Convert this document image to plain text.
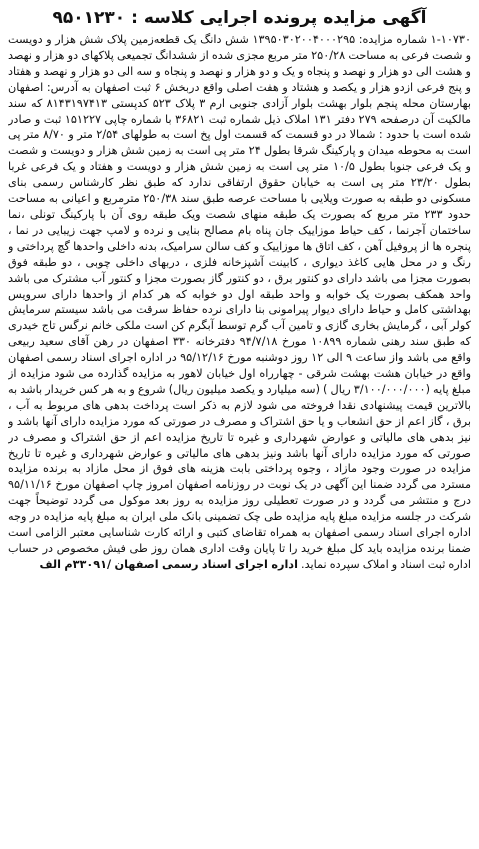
آگهی مزایده پرونده اجرایی کلاسه : ۹۵۰۱۲۳۰
۱-۱۰۷۳۰ شماره مزایده: ۱۳۹۵۰۳۰۲۰۰۴۰۰۰۲۹۵ شش دانگ یک قطعه‌زمین پلاک شش هزار و دویست و شصت فرعی به مساحت ۲۵۰/۲۸ متر مربع مجزی شده از ششدانگ تجمیعی پلاکهای دو هزار و نهصد و هشت الی دو هزار و نهصد و پنجاه و یک و دو هزار و نهصد و پنجاه و سه الی دو هزار و نهصد و هفتاد و پنج فرعی ازدو هزار و یکصد و هشتاد و هفت اصلی واقع دربخش ۶ ثبت اصفهان به آدرس: اصفهان بهارستان محله پنجم بلوار بهشت بلوار آزادی جنوبی ارم ۳ پلاک ۵۲۳ کدپستی ۸۱۴۳۱۹۷۴۱۳ که سند مالکیت آن درصفحه ۲۷۹ دفتر ۱۳۱ املاک ذیل شماره ثبت ۳۶۸۲۱ با شماره چاپی ۱۵۱۲۲۷ ثبت و صادر شده است با حدود : شمالا در دو قسمت که قسمت اول پخ است به طولهای ۲/۵۴ متر و ۸/۷۰ متر پی است به محوطه میدان و پارکینگ شرقا بطول ۲۴ متر پی است به زمین شش هزار و دویست و شصت و یک فرعی جنوبا بطول ۱۰/۵ متر پی است به زمین شش هزار و دویست و هفتاد و یک فرعی غربا بطول ۲۳/۲۰ متر پی است به خیابان حقوق ارتفاقی ندارد که طبق نظر کارشناس رسمی بنای مسکونی دو طبقه به صورت ویلایی با مساحت عرصه طبق سند ۲۵۰/۳۸ مترمربع و اعیانی به مساحت حدود ۲۳۳ متر مربع که بصورت یک طبقه منهای شصت ویک طبقه روی آن با پارکینگ تونلی ،نما ساختمان آجرنما ، کف حیاط موزاییک جان پناه بام مصالح بنایی و نرده و لامپ جهت زیبایی در نما ، پنجره ها از پروفیل آهن ، کف اتاق ها موزاییک و کف سالن سرامیک، بدنه داخلی واحدها گچ پرداختی و رنگ و در محل هایی کاغذ دیواری ، کابینت آشپزخانه فلزی ، دربهای داخلی چوبی ، دو طبقه فوق بصورت مجزا می باشد دارای دو کنتور برق ، دو کنتور گاز بصورت مجزا و کنتور آب مشترک می باشد واحد همکف بصورت یک خوابه و واحد طبقه اول دو خوابه که هر کدام از واحدها دارای سرویس بهداشتی کامل و حیاط دارای دیوار پیرامونی بنا دارای نرده حفاظ سرقت می باشد سیستم سرمایش کولر آبی ، گرمایش بخاری گازی و تامین آب گرم توسط آبگرم کن است ملکی خانم نرگس تاج خیدری که طبق سند رهنی شماره ۱۰۸۹۹ مورخ ۹۴/۷/۱۸ دفترخانه ۳۳۰ اصفهان در رهن آقای سعید ربیعی واقع می باشد واز ساعت ۹ الی ۱۲ روز دوشنبه مورخ ۹۵/۱۲/۱۶ در اداره اجرای اسناد رسمی اصفهان واقع در خیابان هشت بهشت شرقی - چهارراه اول خیابان لاهور به مزایده گذارده می شود مزایده از مبلغ پایه (۳/۱۰۰/۰۰۰/۰۰۰ ریال ) (سه میلیارد و یکصد میلیون ریال) شروع و به هر کس خریدار باشد به بالاترین قیمت پیشنهادی نقدا فروخته می شود لازم به ذکر است پرداخت بدهی های مربوط به آب ، برق ، گاز اعم از حق انشعاب و یا حق اشتراک و مصرف در صورتی که مورد مزایده دارای آنها باشد و نیز بدهی های مالیاتی و عوارض شهرداری و غیره تا تاریخ مزایده اعم از حق اشتراک و مصرف در صورتی که مورد مزایده دارای آنها باشد ونیز بدهی های مالیاتی و عوارض شهرداری و غیره تا تاریخ مزایده در صورت وجود مازاد ، وجوه پرداختی بابت هزینه های فوق از محل مازاد به برنده مزایده مسترد می گردد ضمنا این آگهی در یک نوبت در روزنامه اصفهان امروز چاپ اصفهان مورخ ۹۵/۱۱/۱۶ درج و منتشر می گردد و در صورت تعطیلی روز مزایده به روز بعد موکول می گردد توضیحاً جهت شرکت در جلسه مزایده مبلغ پایه مزایده طی چک تضمینی بانک ملی ایران به مبلغ پایه مزایده در وجه اداره اجرای اسناد رسمی اصفهان به همراه تقاضای کتبی و ارائه کارت شناسایی معتبر الزامی است ضمنا برنده مزایده باید کل مبلغ خرید را تا پایان وقت اداری همان روز طی فیش مخصوص در حساب اداره ثبت اسناد و املاک سپرده نماید. اداره اجرای اسناد رسمی اصفهان /۳۳۰۹۱م الف
